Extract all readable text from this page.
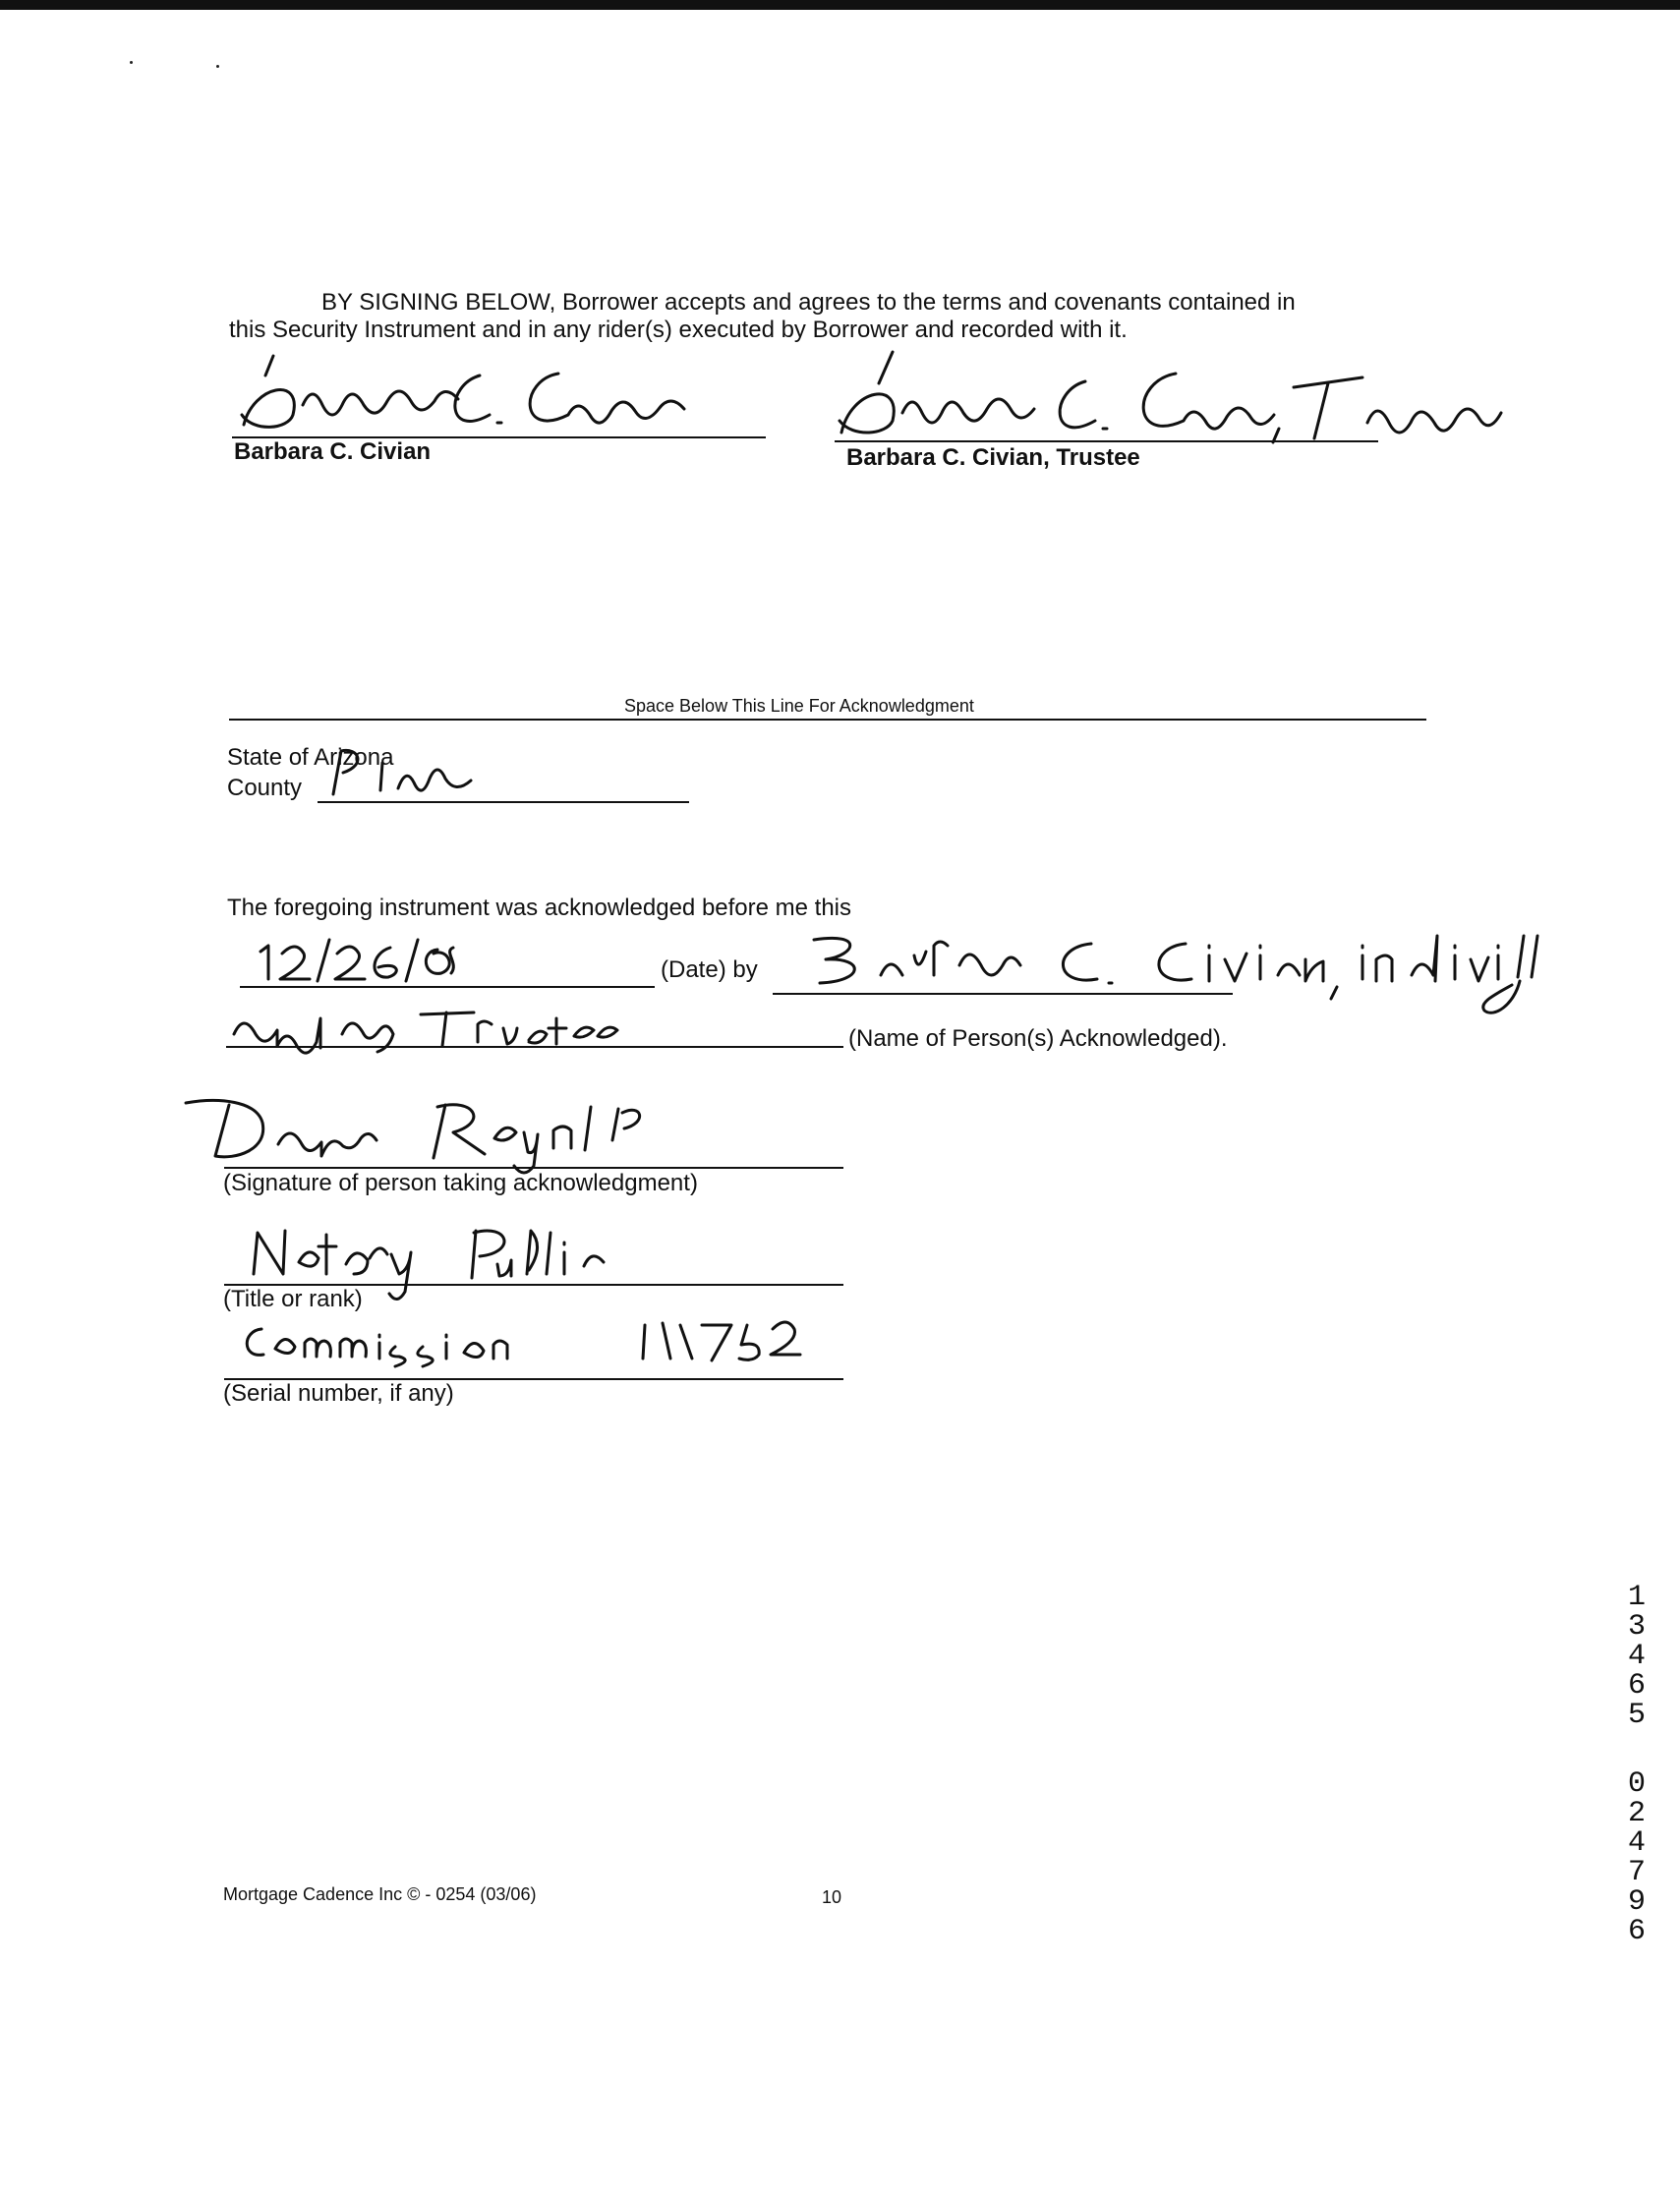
BY SIGNING BELOW, Borrower accepts and agrees to the terms and covenants contained in
this Security Instrument and in any rider(s) executed by Borrower and recorded with it.
Barbara C. Civian	Barbara C. Civian, Trustee
Space Below This Line For Acknowledgment
State of Arizona
County
The foregoing instrument was acknowledged before me this
(Date) by
(Name of Person(s) Acknowledged).
(Signature of person taking acknowledgment)
(Title or rank)
(Serial number, if any)
1
3
4
6
5
0
2
4
7
9
6
Mortgage Cadence Inc © - 0254 (03/06)	10
